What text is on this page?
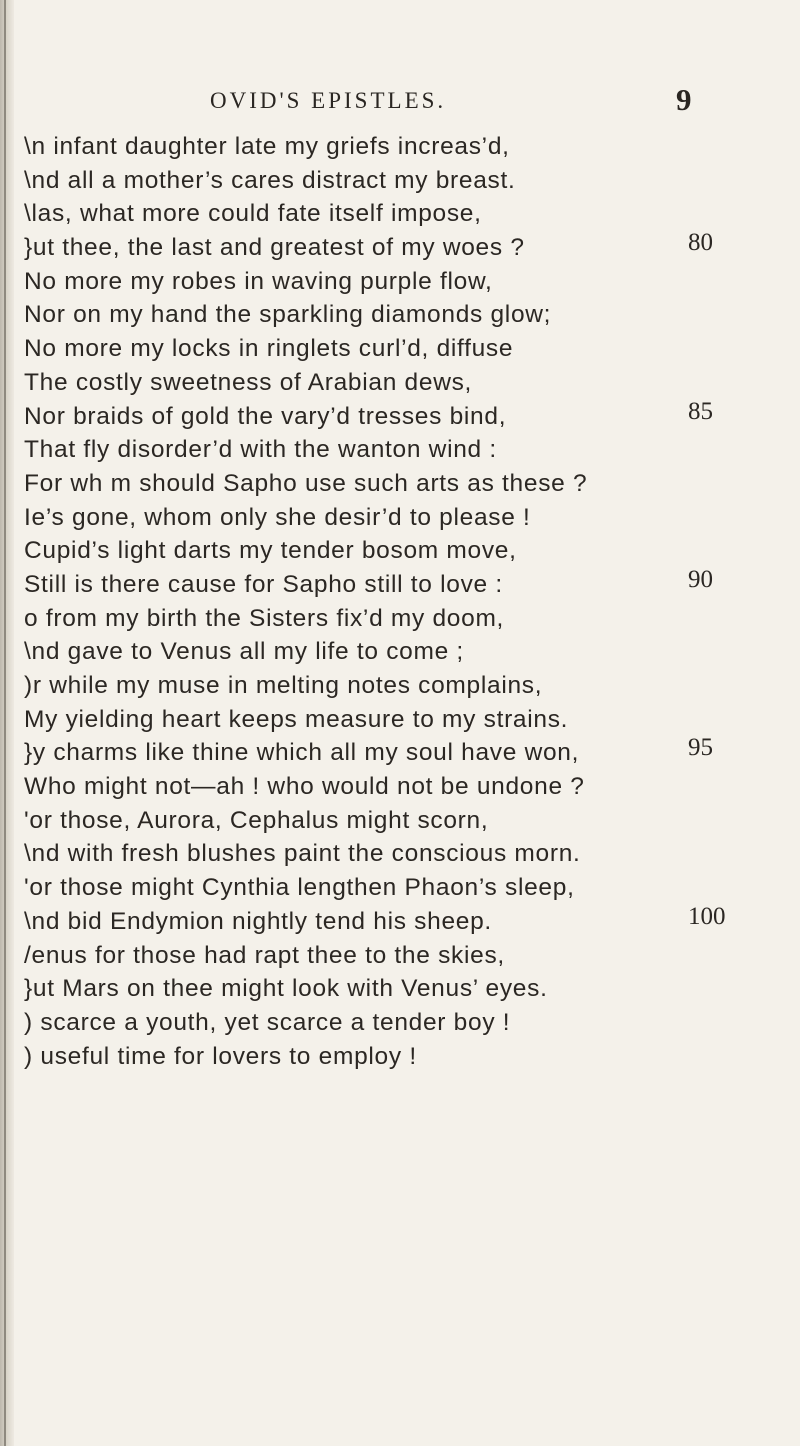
OVID'S EPISTLES.	9
\n infant daughter late my griefs increas’d,
\nd all a mother’s cares distract my breast.
\las, what more could fate itself impose,
}ut thee, the last and greatest of my woes ?	80
No more my robes in waving purple flow,
Nor on my hand the sparkling diamonds glow;
No more my locks in ringlets curl’d, diffuse
The costly sweetness of Arabian dews,
Nor braids of gold the vary’d tresses bind,	85
That fly disorder’d with the wanton wind :
For wh m should Sapho use such arts as these ?
Ie’s gone, whom only she desir’d to please !
Cupid’s light darts my tender bosom move,
Still is there cause for Sapho still to love :	90
o from my birth the Sisters fix’d my doom,
\nd gave to Venus all my life to come ;
)r while my muse in melting notes complains,
My yielding heart keeps measure to my strains.
}y charms like thine which all my soul have won,	95
Who might not—ah ! who would not be undone ?
'or those, Aurora, Cephalus might scorn,
\nd with fresh blushes paint the conscious morn.
'or those might Cynthia lengthen Phaon’s sleep,
\nd bid Endymion nightly tend his sheep.	100
/enus for those had rapt thee to the skies,
}ut Mars on thee might look with Venus’ eyes.
) scarce a youth, yet scarce a tender boy !
) useful time for lovers to employ !
